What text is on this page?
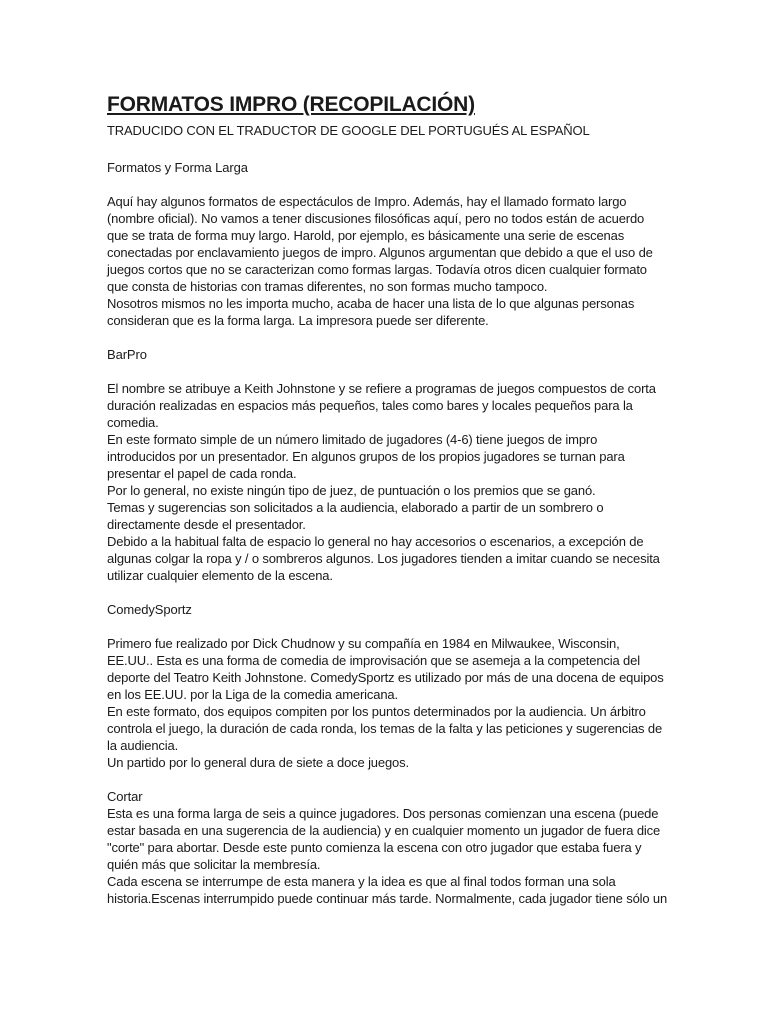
FORMATOS IMPRO (RECOPILACIÓN)

TRADUCIDO CON EL TRADUCTOR DE GOOGLE DEL PORTUGUÉS AL ESPAÑOL

Formatos y Forma Larga

Aquí hay algunos formatos de espectáculos de Impro. Además, hay el llamado formato largo
(nombre oficial). No vamos a tener discusiones filosóficas aquí, pero no todos están de acuerdo
que se trata de forma muy largo. Harold, por ejemplo, es básicamente una serie de escenas
conectadas por enclavamiento juegos de impro. Algunos argumentan que debido a que el uso de
juegos cortos que no se caracterizan como formas largas. Todavía otros dicen cualquier formato
que consta de historias con tramas diferentes, no son formas mucho tampoco.
Nosotros mismos no les importa mucho, acaba de hacer una lista de lo que algunas personas
consideran que es la forma larga. La impresora puede ser diferente.

BarPro

El nombre se atribuye a Keith Johnstone y se refiere a programas de juegos compuestos de corta
duración realizadas en espacios más pequeños, tales como bares y locales pequeños para la
comedia.
En este formato simple de un número limitado de jugadores (4-6) tiene juegos de impro
introducidos por un presentador. En algunos grupos de los propios jugadores se turnan para
presentar el papel de cada ronda.
Por lo general, no existe ningún tipo de juez, de puntuación o los premios que se ganó.
Temas y sugerencias son solicitados a la audiencia, elaborado a partir de un sombrero o
directamente desde el presentador.
Debido a la habitual falta de espacio lo general no hay accesorios o escenarios, a excepción de
algunas colgar la ropa y / o sombreros algunos. Los jugadores tienden a imitar cuando se necesita
utilizar cualquier elemento de la escena.

ComedySportz

Primero fue realizado por Dick Chudnow y su compañía en 1984 en Milwaukee, Wisconsin,
EE.UU.. Esta es una forma de comedia de improvisación que se asemeja a la competencia del
deporte del Teatro Keith Johnstone. ComedySportz es utilizado por más de una docena de equipos
en los EE.UU. por la Liga de la comedia americana.
En este formato, dos equipos compiten por los puntos determinados por la audiencia. Un árbitro
controla el juego, la duración de cada ronda, los temas de la falta y las peticiones y sugerencias de
la audiencia.
Un partido por lo general dura de siete a doce juegos.

Cortar

Esta es una forma larga de seis a quince jugadores. Dos personas comienzan una escena (puede
estar basada en una sugerencia de la audiencia) y en cualquier momento un jugador de fuera dice
"corte" para abortar. Desde este punto comienza la escena con otro jugador que estaba fuera y
quién más que solicitar la membresía.
Cada escena se interrumpe de esta manera y la idea es que al final todos forman una sola
historia.Escenas interrumpido puede continuar más tarde. Normalmente, cada jugador tiene sólo un
